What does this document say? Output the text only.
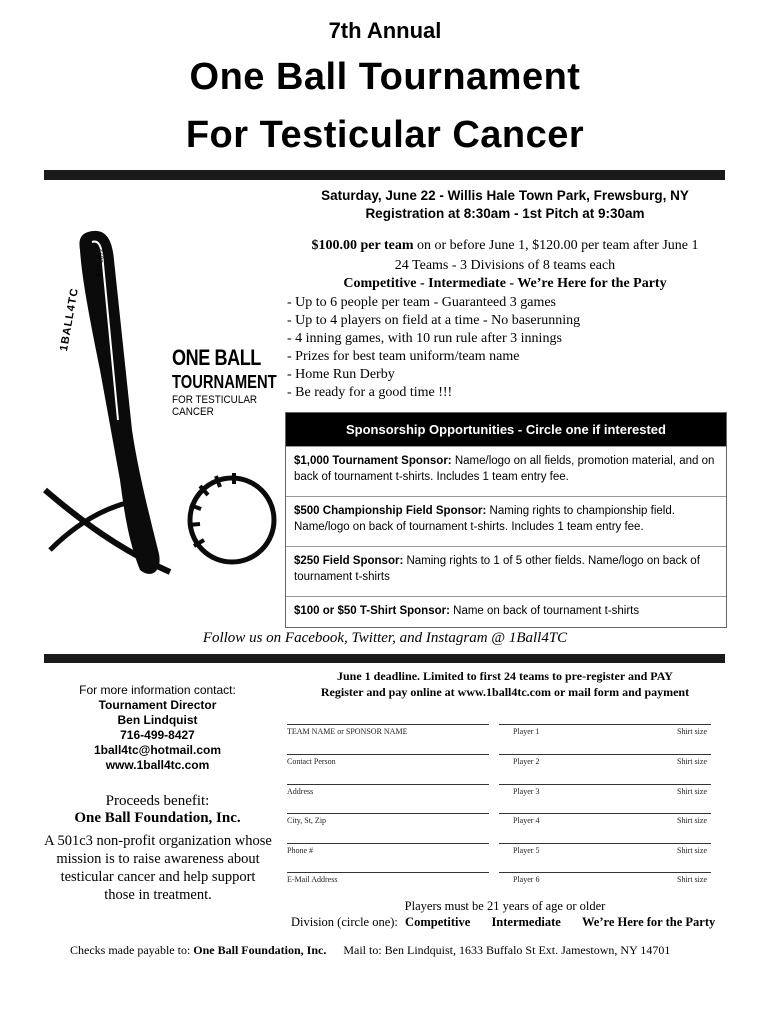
7th Annual
One Ball Tournament
For Testicular Cancer
1BALL4TC
EST. 2014
ONE BALL
TOURNAMENT
FOR TESTICULAR
CANCER
Saturday, June 22 - Willis Hale Town Park, Frewsburg, NY
Registration at 8:30am - 1st Pitch at 9:30am
$100.00 per team on or before June 1, $120.00 per team after June 1
24 Teams - 3 Divisions of 8 teams each
Competitive - Intermediate - We’re Here for the Party
- Up to 6 people per team - Guaranteed 3 games
- Up to 4 players on field at a time - No baserunning
- 4 inning games, with 10 run rule after 3 innings
- Prizes for best team uniform/team name
- Home Run Derby
- Be ready for a good time !!!
Sponsorship Opportunities - Circle one if interested
$1,000 Tournament Sponsor: Name/logo on all fields, promotion material, and on back of tournament t-shirts. Includes 1 team entry fee.
$500 Championship Field Sponsor: Naming rights to championship field. Name/logo on back of tournament t-shirts. Includes 1 team entry fee.
$250 Field Sponsor: Naming rights to 1 of 5 other fields. Name/logo on back of tournament t-shirts
$100 or $50 T-Shirt Sponsor: Name on back of tournament t-shirts
Follow us on Facebook, Twitter, and Instagram @ 1Ball4TC
For more information contact:
Tournament Director
Ben Lindquist
716-499-8427
1ball4tc@hotmail.com
www.1ball4tc.com
Proceeds benefit:
One Ball Foundation, Inc.
A 501c3 non-profit organization whose mission is to raise awareness about testicular cancer and help support those in treatment.
June 1 deadline. Limited to first 24 teams to pre-register and PAY
Register and pay online at www.1ball4tc.com or mail form and payment
TEAM NAME or SPONSOR NAME	Player 1	Shirt size
Contact Person	Player 2	Shirt size
Address	Player 3	Shirt size
City, St, Zip	Player 4	Shirt size
Phone #	Player 5	Shirt size
E-Mail Address	Player 6	Shirt size
Players must be 21 years of age or older
Division (circle one): Competitive Intermediate We’re Here for the Party
Checks made payable to: One Ball Foundation, Inc. Mail to: Ben Lindquist, 1633 Buffalo St Ext. Jamestown, NY 14701
